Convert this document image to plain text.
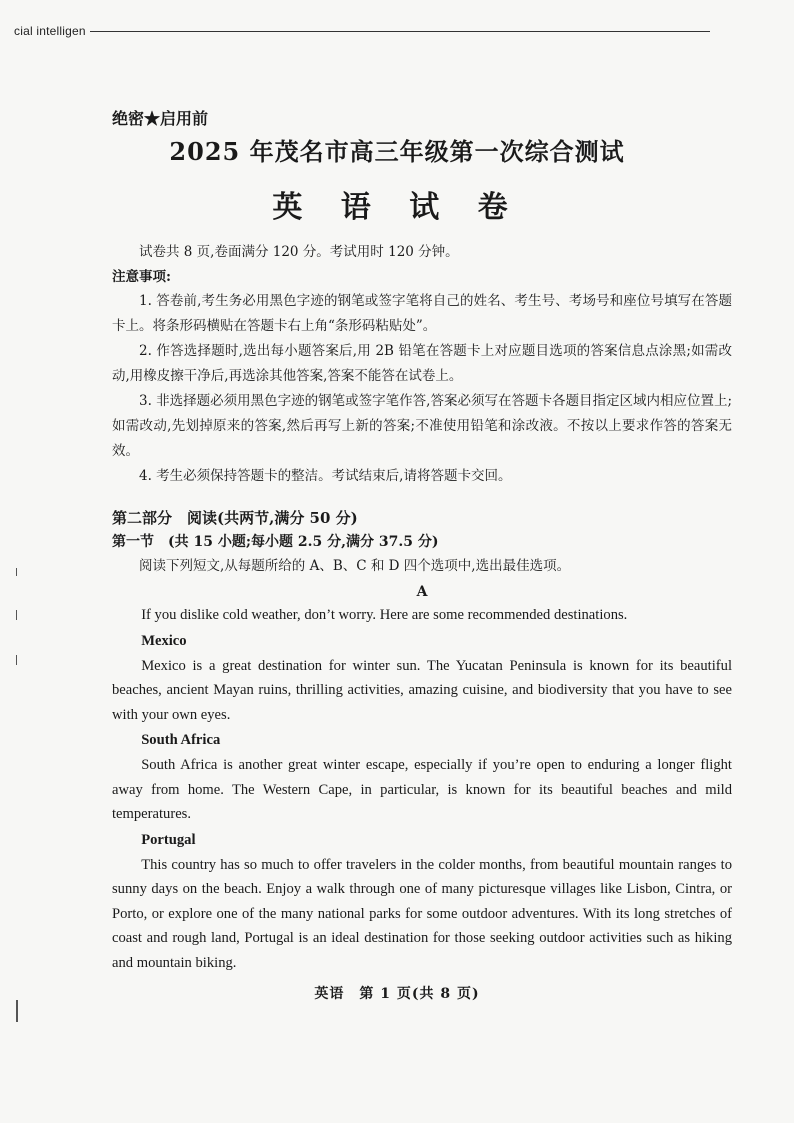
cial intelligen
绝密★启用前
2025 年茂名市高三年级第一次综合测试
英 语 试 卷
试卷共 8 页,卷面满分 120 分。考试用时 120 分钟。
注意事项:
1. 答卷前,考生务必用黑色字迹的钢笔或签字笔将自己的姓名、考生号、考场号和座位号填写在答题卡上。将条形码横贴在答题卡右上角“条形码粘贴处”。
2. 作答选择题时,选出每小题答案后,用 2B 铅笔在答题卡上对应题目选项的答案信息点涂黑;如需改动,用橡皮擦干净后,再选涂其他答案,答案不能答在试卷上。
3. 非选择题必须用黑色字迹的钢笔或签字笔作答,答案必须写在答题卡各题目指定区域内相应位置上;如需改动,先划掉原来的答案,然后再写上新的答案;不准使用铅笔和涂改液。不按以上要求作答的答案无效。
4. 考生必须保持答题卡的整洁。考试结束后,请将答题卡交回。
第二部分　阅读(共两节,满分 50 分)
第一节　(共 15 小题;每小题 2.5 分,满分 37.5 分)
阅读下列短文,从每题所给的 A、B、C 和 D 四个选项中,选出最佳选项。
A
If you dislike cold weather, don’t worry. Here are some recommended destinations.
Mexico
Mexico is a great destination for winter sun. The Yucatan Peninsula is known for its beautiful beaches, ancient Mayan ruins, thrilling activities, amazing cuisine, and biodiversity that you have to see with your own eyes.
South Africa
South Africa is another great winter escape, especially if you’re open to enduring a longer flight away from home. The Western Cape, in particular, is known for its beautiful beaches and mild temperatures.
Portugal
This country has so much to offer travelers in the colder months, from beautiful mountain ranges to sunny days on the beach. Enjoy a walk through one of many picturesque villages like Lisbon, Cintra, or Porto, or explore one of the many national parks for some outdoor adventures. With its long stretches of coast and rough land, Portugal is an ideal destination for those seeking outdoor activities such as hiking and mountain biking.
英语　第 1 页(共 8 页)
